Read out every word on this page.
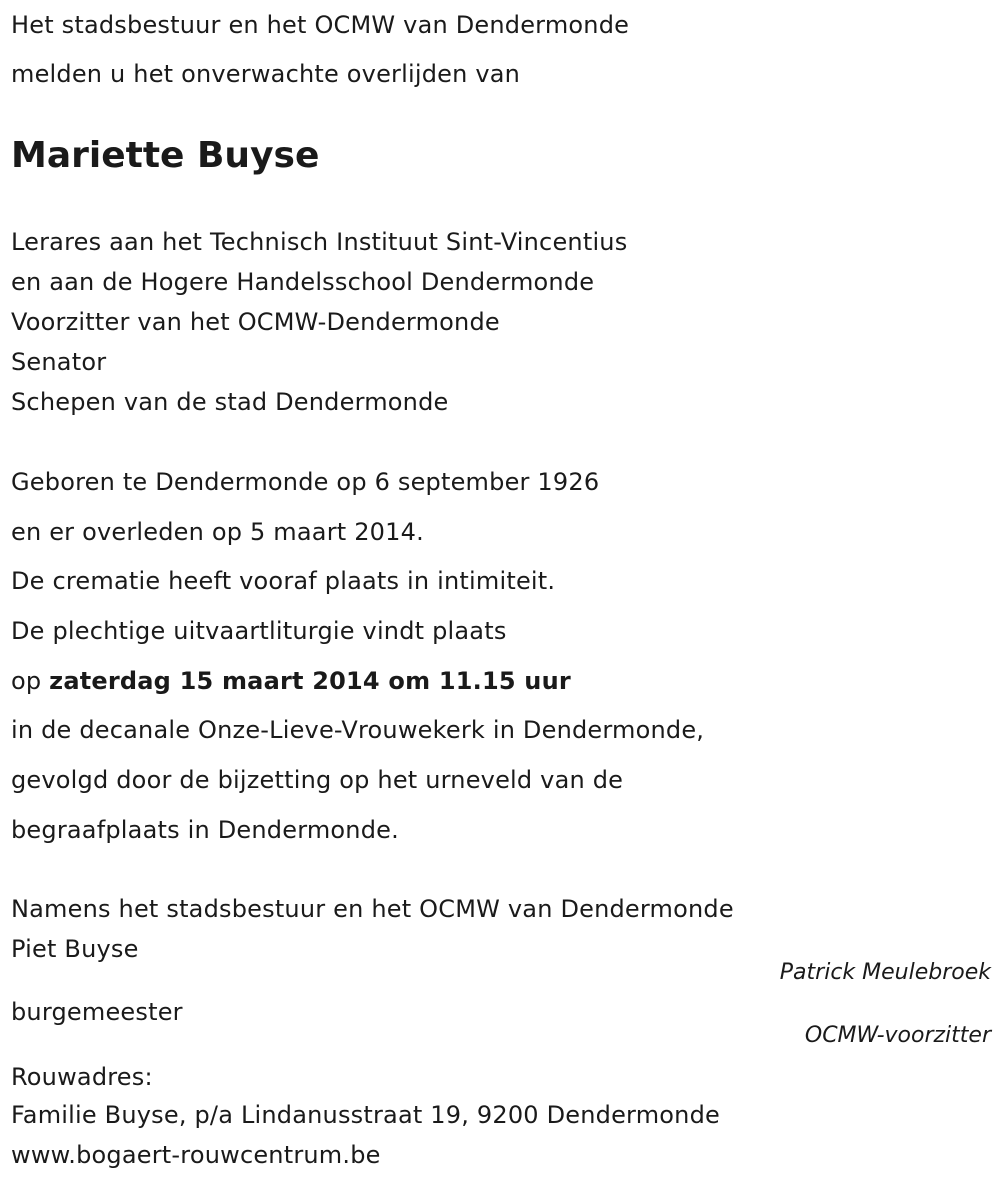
Het stadsbestuur en het OCMW van Dendermonde

melden u het onverwachte overlijden van

Mariette Buyse

Lerares aan het Technisch Instituut Sint-Vincentius

en aan de Hogere Handelsschool Dendermonde

Voorzitter van het OCMW-Dendermonde

Senator

Schepen van de stad Dendermonde

Geboren te Dendermonde op 6 september 1926

en er overleden op 5 maart 2014.

De crematie heeft vooraf plaats in intimiteit.

De plechtige uitvaartliturgie vindt plaats

op zaterdag 15 maart 2014 om 11.15 uur

in de decanale Onze-Lieve-Vrouwekerk in Dendermonde,

gevolgd door de bijzetting op het urneveld van de

begraafplaats in Dendermonde.

Namens het stadsbestuur en het OCMW van Dendermonde

Piet Buyse

Patrick Meulebroek

burgemeester

OCMW-voorzitter

Rouwadres:

Familie Buyse, p/a Lindanusstraat 19, 9200 Dendermonde

www.bogaert-rouwcentrum.be
